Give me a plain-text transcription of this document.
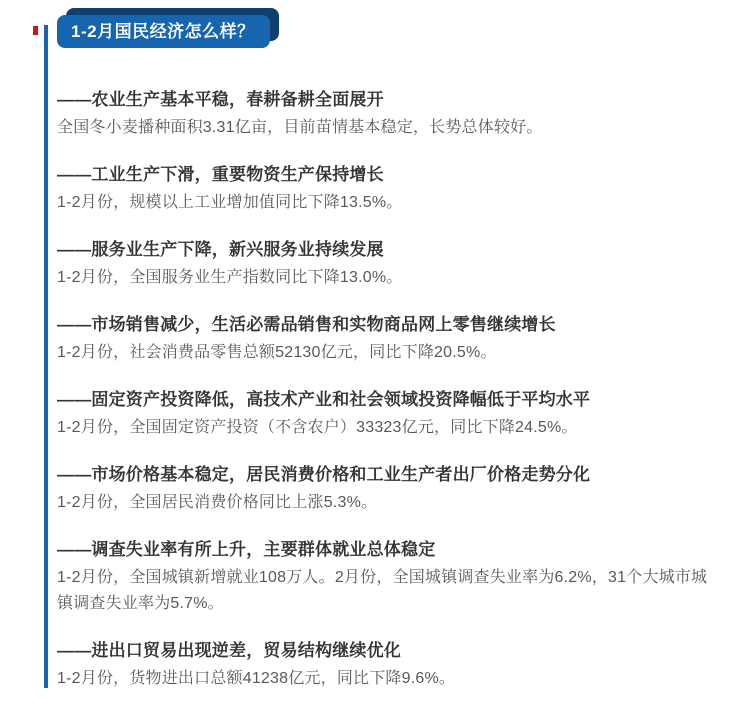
1-2月国民经济怎么样？
——农业生产基本平稳，春耕备耕全面展开

全国冬小麦播种面积3.31亿亩，目前苗情基本稳定，长势总体较好。

——工业生产下滑，重要物资生产保持增长

1-2月份，规模以上工业增加值同比下降13.5%。

——服务业生产下降，新兴服务业持续发展

1-2月份，全国服务业生产指数同比下降13.0%。

——市场销售减少，生活必需品销售和实物商品网上零售继续增长

1-2月份，社会消费品零售总额52130亿元，同比下降20.5%。

——固定资产投资降低，高技术产业和社会领域投资降幅低于平均水平

1-2月份，全国固定资产投资（不含农户）33323亿元，同比下降24.5%。

——市场价格基本稳定，居民消费价格和工业生产者出厂价格走势分化

1-2月份，全国居民消费价格同比上涨5.3%。

——调查失业率有所上升，主要群体就业总体稳定

1-2月份，全国城镇新增就业108万人。2月份，全国城镇调查失业率为6.2%，31个大城市城镇调查失业率为5.7%。

——进出口贸易出现逆差，贸易结构继续优化

1-2月份，货物进出口总额41238亿元，同比下降9.6%。
